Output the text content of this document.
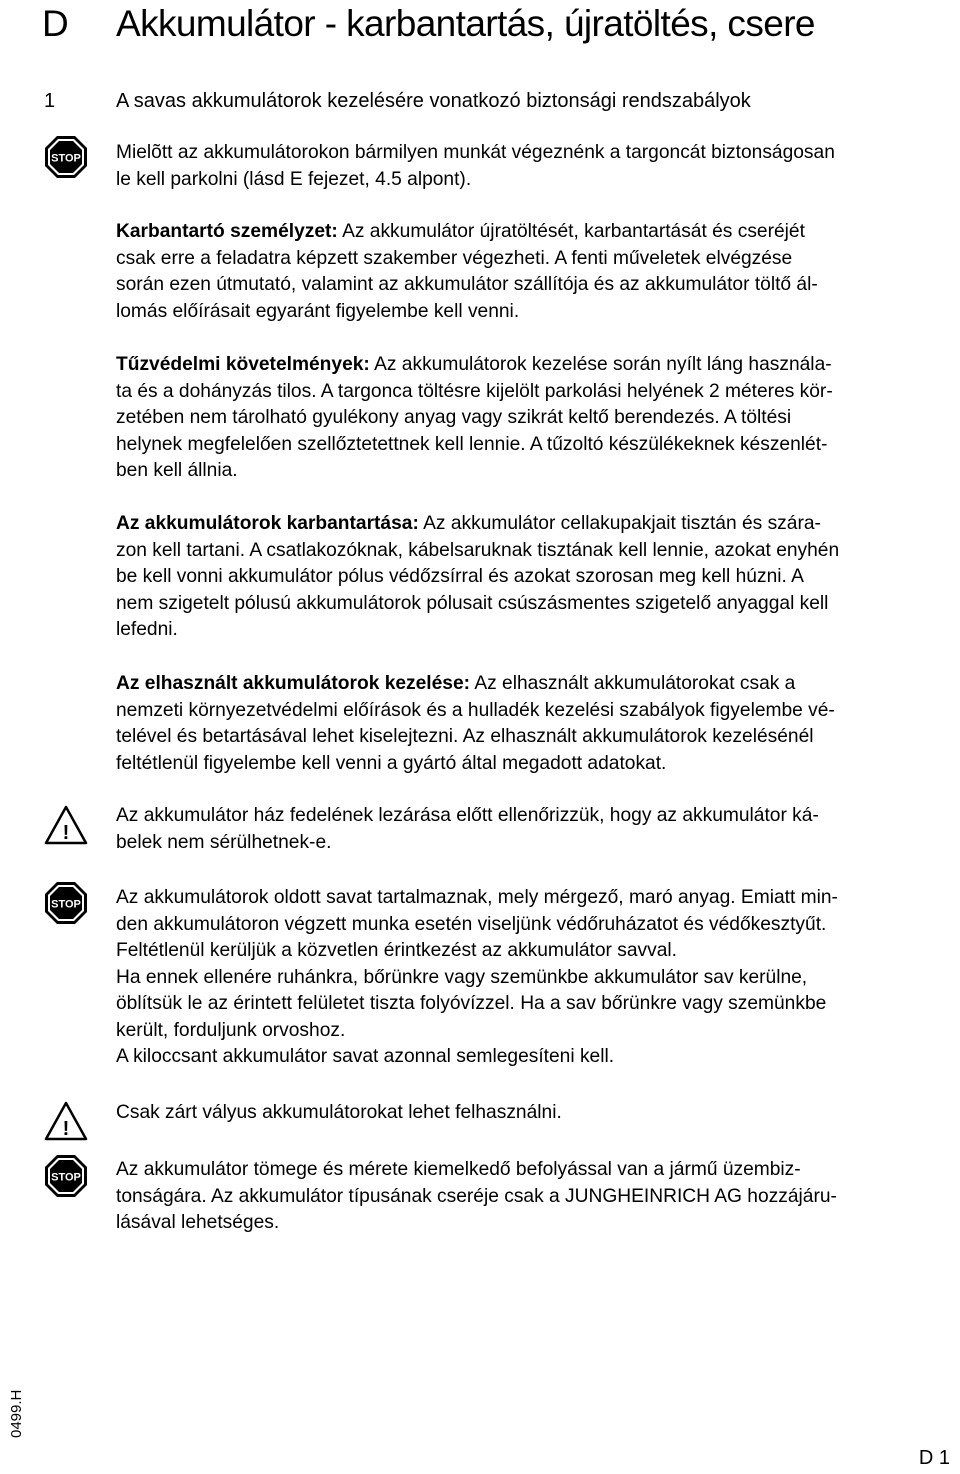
D Akkumulátor - karbantartás, újratöltés, csere
1	A savas akkumulátorok kezelésére vonatkozó biztonsági rendszabályok
STOP Mielõtt az akkumulátorokon bármilyen munkát végeznénk a targoncát biztonságosan
le kell parkolni (lásd E fejezet, 4.5 alpont).
Karbantartó személyzet: Az akkumulátor újratöltését, karbantartását és cseréjét
csak erre a feladatra képzett szakember végezheti. A fenti műveletek elvégzése
során ezen útmutató, valamint az akkumulátor szállítója és az akkumulátor töltő ál-
lomás előírásait egyaránt figyelembe kell venni.
Tűzvédelmi követelmények: Az akkumulátorok kezelése során nyílt láng használa-
ta és a dohányzás tilos. A targonca töltésre kijelölt parkolási helyének 2 méteres kör-
zetében nem tárolható gyulékony anyag vagy szikrát keltő berendezés. A töltési
helynek megfelelően szellőztetettnek kell lennie. A tűzoltó készülékeknek készenlét-
ben kell állnia.
Az akkumulátorok karbantartása: Az akkumulátor cellakupakjait tisztán és szára-
zon kell tartani. A csatlakozóknak, kábelsaruknak tisztának kell lennie, azokat enyhén
be kell vonni akkumulátor pólus védőzsírral és azokat szorosan meg kell húzni. A
nem szigetelt pólusú akkumulátorok pólusait csúszásmentes szigetelő anyaggal kell
lefedni.
Az elhasznált akkumulátorok kezelése: Az elhasznált akkumulátorokat csak a
nemzeti környezetvédelmi előírások és a hulladék kezelési szabályok figyelembe vé-
telével és betartásával lehet kiselejtezni. Az elhasznált akkumulátorok kezelésénél
feltétlenül figyelembe kell venni a gyártó által megadott adatokat.
!
Az akkumulátor ház fedelének lezárása előtt ellenőrizzük, hogy az akkumulátor ká-
belek nem sérülhetnek-e.
STOP Az akkumulátorok oldott savat tartalmaznak, mely mérgező, maró anyag. Emiatt min-
den akkumulátoron végzett munka esetén viseljünk védőruházatot és védőkesztyűt.
Feltétlenül kerüljük a közvetlen érintkezést az akkumulátor savval.
Ha ennek ellenére ruhánkra, bőrünkre vagy szemünkbe akkumulátor sav kerülne,
öblítsük le az érintett felületet tiszta folyóvízzel. Ha a sav bőrünkre vagy szemünkbe
került, forduljunk orvoshoz.
A kiloccsant akkumulátor savat azonnal semlegesíteni kell.
!
Csak zárt vályus akkumulátorokat lehet felhasználni.
STOP Az akkumulátor tömege és mérete kiemelkedő befolyással van a jármű üzembiz-
tonságára. Az akkumulátor típusának cseréje csak a JUNGHEINRICH AG hozzájáru-
lásával lehetséges.
0499.H
D 1
